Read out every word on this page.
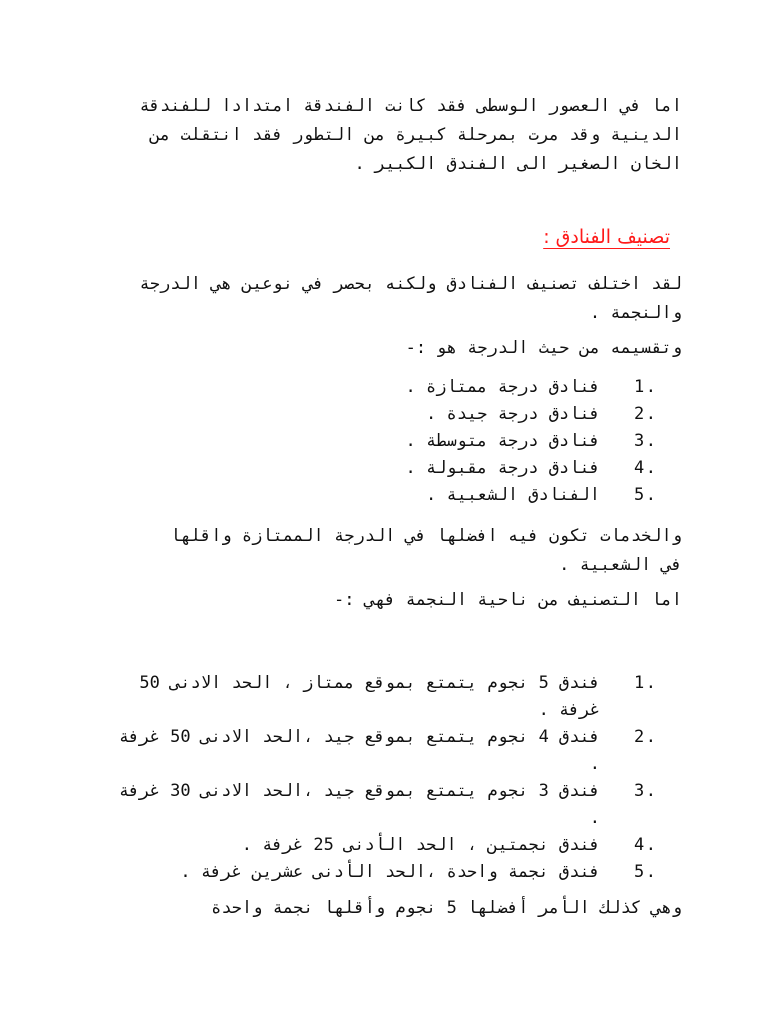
اما في العصور الوسطى فقد كانت الفندقة امتدادا للفندقة الدينية وقد مرت بمرحلة كبيرة من التطور فقد انتقلت من الخان الصغير الى الفندق الكبير .
تصنيف الفنادق :
لقد اختلف تصنيف الفنادق ولكنه بحصر في نوعين هي الدرجة والنجمة .
وتقسيمه من حيث الدرجة هو :-
1.
فنادق درجة ممتازة .
2.
فنادق درجة جيدة .
3.
فنادق درجة متوسطة .
4.
فنادق درجة مقبولة .
5.
الفنادق الشعبية .
والخدمات تكون فيه افضلها في الدرجة الممتازة واقلها في الشعبية .
اما التصنيف من ناحية النجمة فهي :-
1.
فندق 5 نجوم يتمتع بموقع ممتاز ، الحد الادنى 50 غرفة .
2.
فندق 4 نجوم يتمتع بموقع جيد ،الحد الادنى 50 غرفة .
3.
فندق 3 نجوم يتمتع بموقع جيد ،الحد الادنى 30 غرفة .
4.
فندق نجمتين ، الحد الأدنى 25 غرفة .
5.
فندق نجمة واحدة ،الحد الأدنى عشرين غرفة .
وهي كذلك الأمر أفضلها 5 نجوم وأقلها نجمة واحدة
